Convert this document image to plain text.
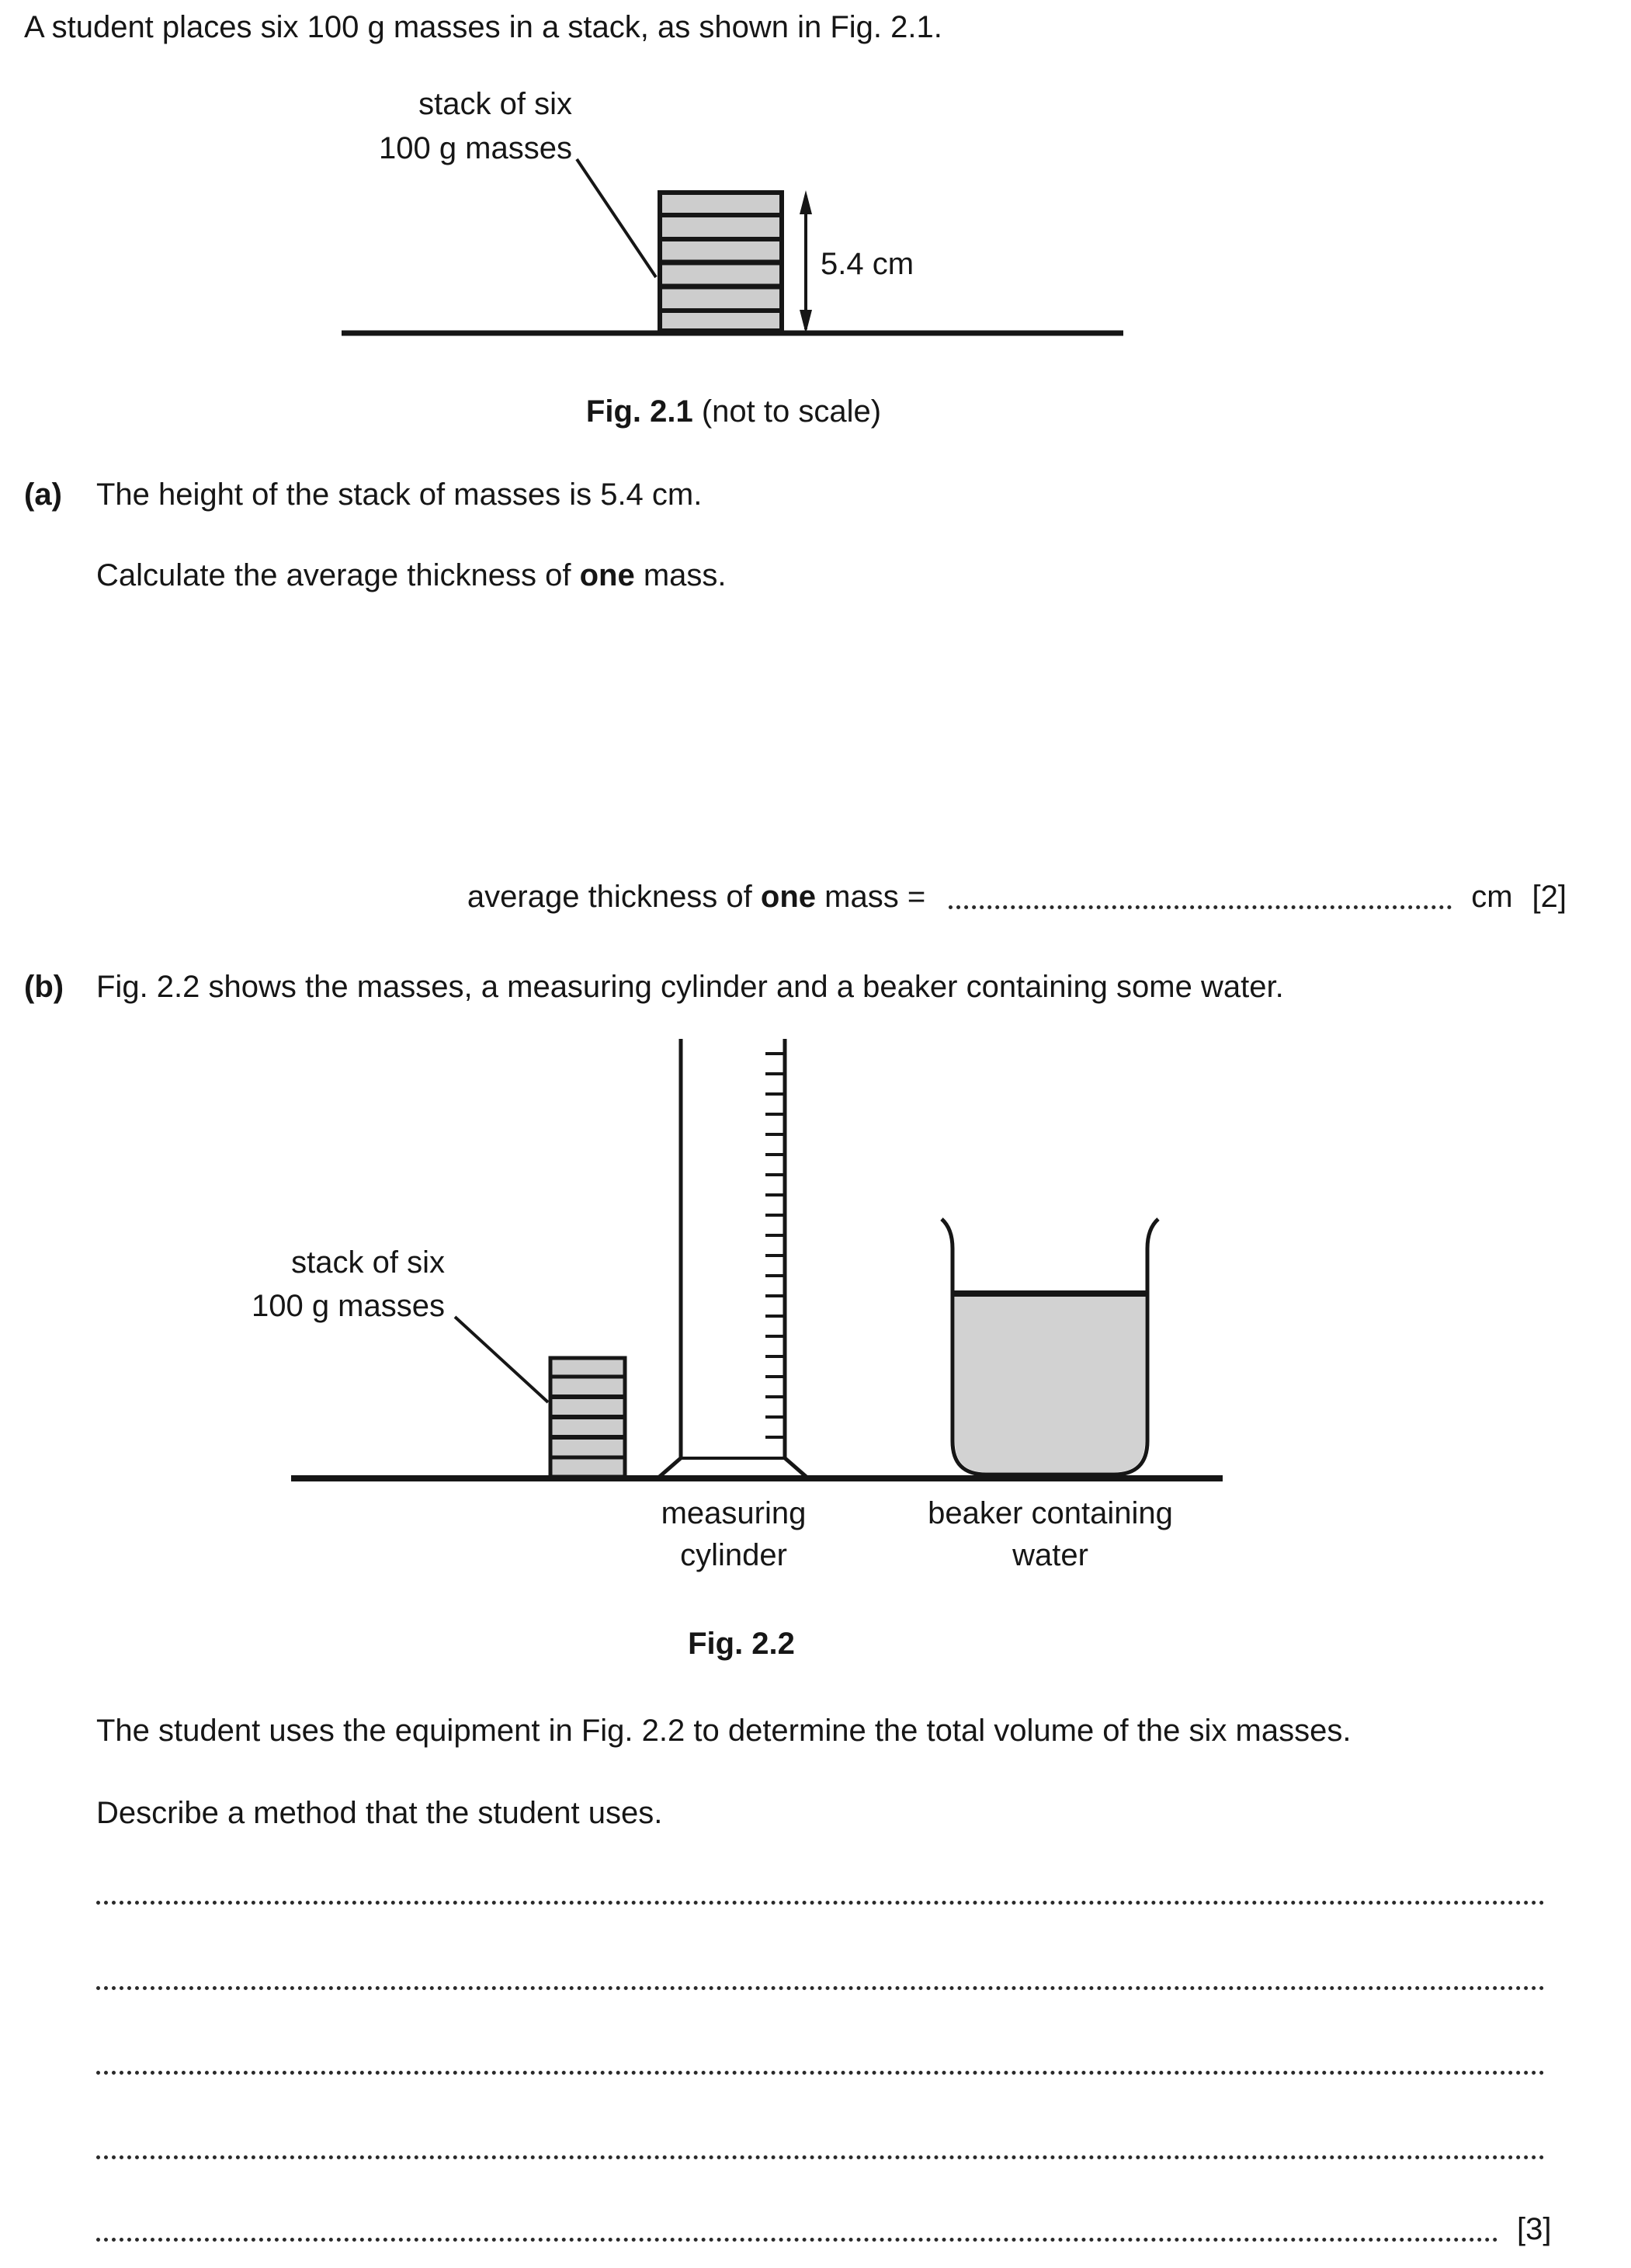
A student places six 100 g masses in a stack, as shown in Fig. 2.1.
stack of six
100 g masses
5.4 cm
Fig. 2.1 (not to scale)
(a) The height of the stack of masses is 5.4 cm.
Calculate the average thickness of one mass.
average thickness of one mass =	cm [2]
(b) Fig. 2.2 shows the masses, a measuring cylinder and a beaker containing some water.
stack of six
100 g masses
measuring
cylinder
beaker containing
water
Fig. 2.2
The student uses the equipment in Fig. 2.2 to determine the total volume of the six masses.
Describe a method that the student uses.
[3]
